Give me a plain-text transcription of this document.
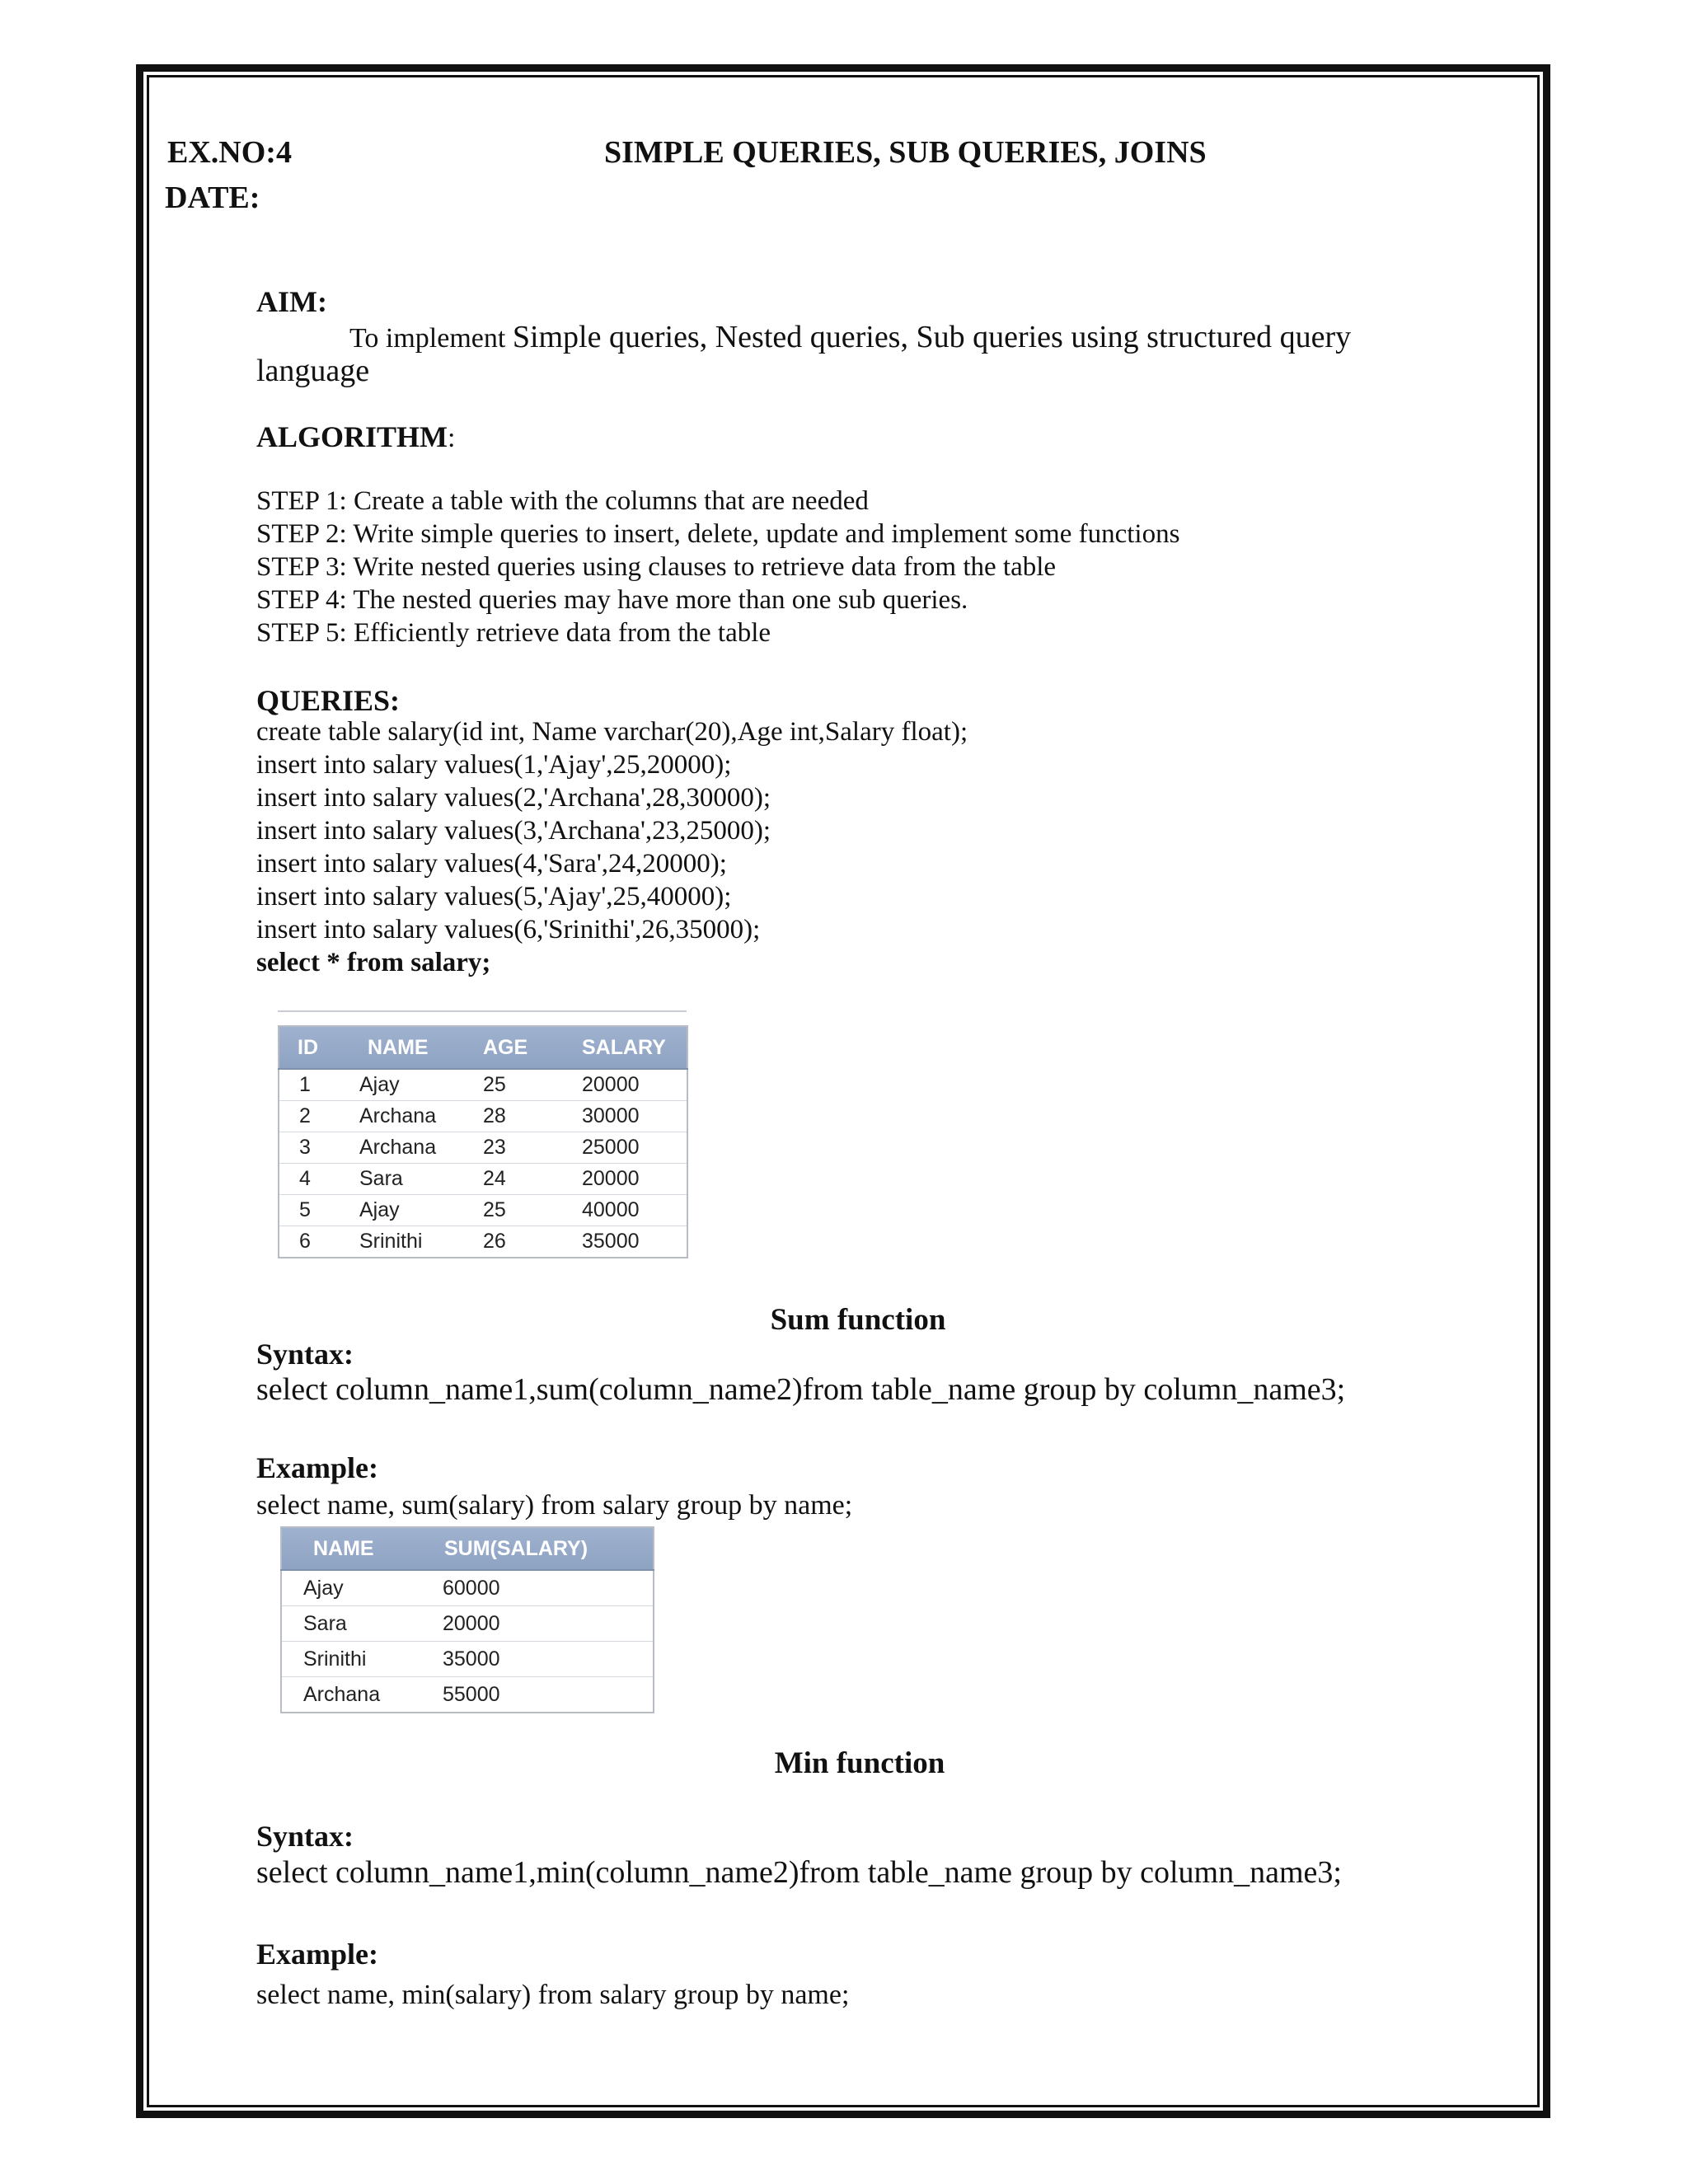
EX.NO:4	SIMPLE QUERIES, SUB QUERIES, JOINS
DATE:
AIM:
To implement Simple queries, Nested queries, Sub queries using structured query
language
ALGORITHM:
STEP 1: Create a table with the columns that are needed
STEP 2: Write simple queries to insert, delete, update and implement some functions
STEP 3: Write nested queries using clauses to retrieve data from the table
STEP 4: The nested queries may have more than one sub queries.
STEP 5: Efficiently retrieve data from the table
QUERIES:
create table salary(id int, Name varchar(20),Age int,Salary float);
insert into salary values(1,'Ajay',25,20000);
insert into salary values(2,'Archana',28,30000);
insert into salary values(3,'Archana',23,25000);
insert into salary values(4,'Sara',24,20000);
insert into salary values(5,'Ajay',25,40000);
insert into salary values(6,'Srinithi',26,35000);
select * from salary;
ID	NAME	AGE	SALARY
1	Ajay	25	20000
2	Archana	28	30000
3	Archana	23	25000
4	Sara	24	20000
5	Ajay	25	40000
6	Srinithi	26	35000
Sum function
Syntax:
select column_name1,sum(column_name2)from table_name group by column_name3;
Example:
select name, sum(salary) from salary group by name;
NAME	SUM(SALARY)
Ajay	60000
Sara	20000
Srinithi	35000
Archana	55000
Min function
Syntax:
select column_name1,min(column_name2)from table_name group by column_name3;
Example:
select name, min(salary) from salary group by name;
